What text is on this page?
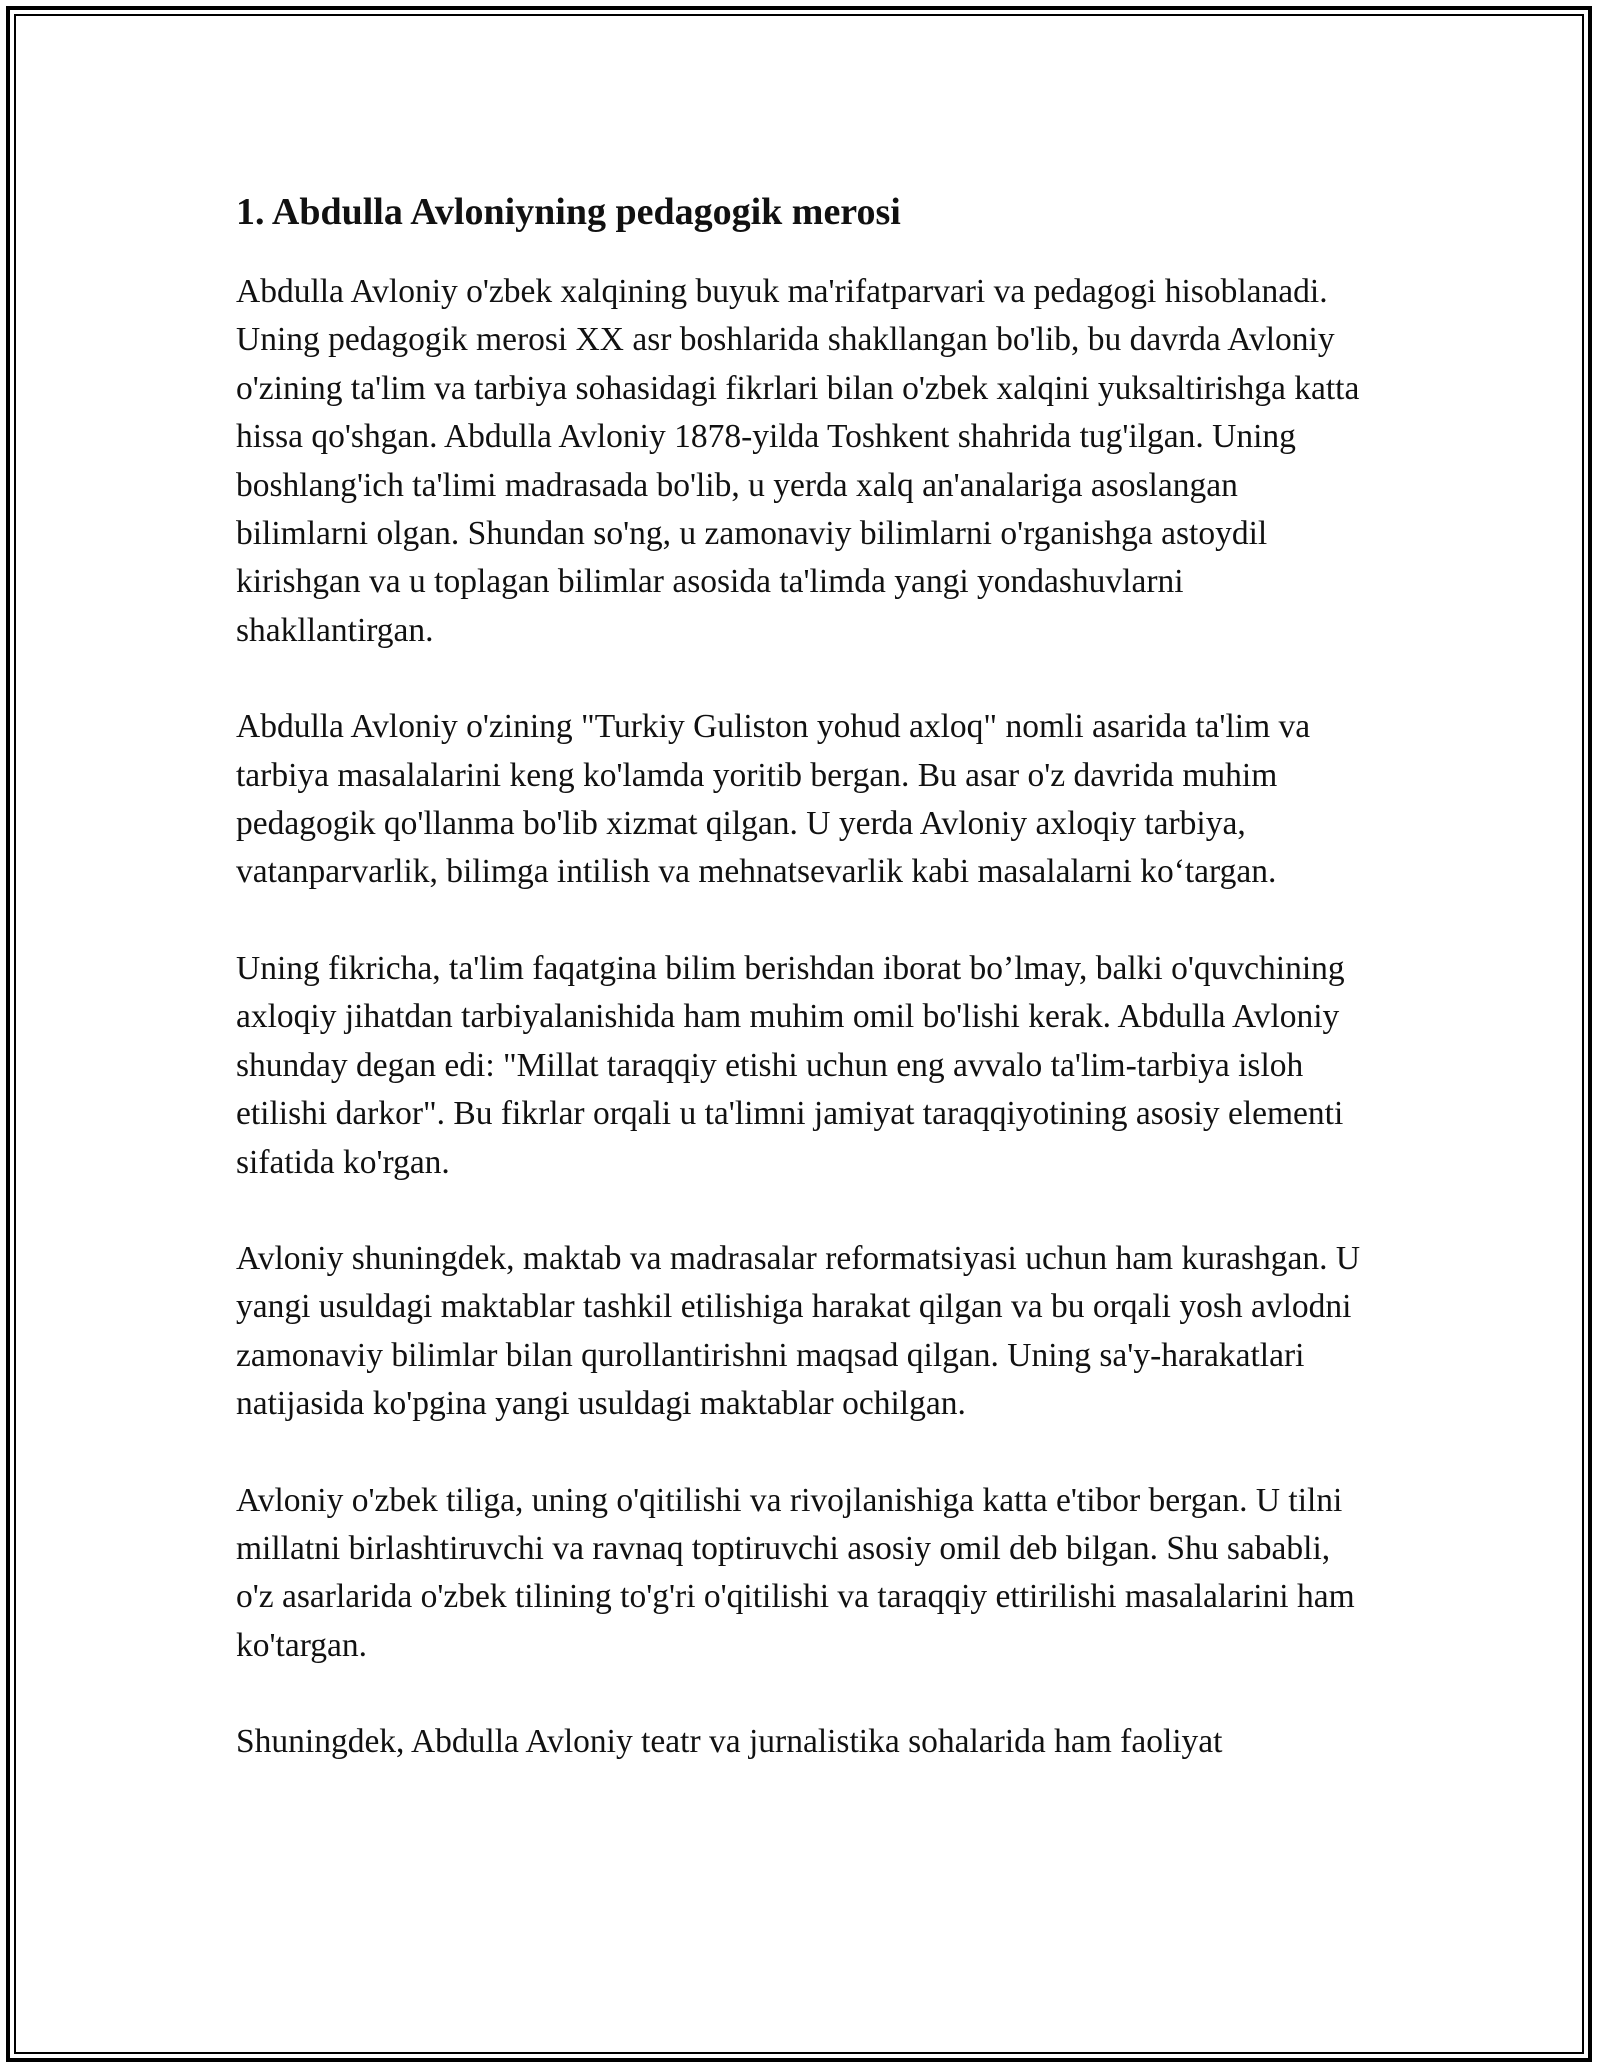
1. Abdulla Avloniyning pedagogik merosi

Abdulla Avloniy o'zbek xalqining buyuk ma'rifatparvari va pedagogi hisoblanadi. Uning pedagogik merosi XX asr boshlarida shakllangan bo'lib, bu davrda Avloniy o'zining ta'lim va tarbiya sohasidagi fikrlari bilan o'zbek xalqini yuksaltirishga katta hissa qo'shgan. Abdulla Avloniy 1878-yilda Toshkent shahrida tug'ilgan. Uning boshlang'ich ta'limi madrasada bo'lib, u yerda xalq an'analariga asoslangan bilimlarni olgan. Shundan so'ng, u zamonaviy bilimlarni o'rganishga astoydil kirishgan va u toplagan bilimlar asosida ta'limda yangi yondashuvlarni shakllantirgan.

Abdulla Avloniy o'zining "Turkiy Guliston yohud axloq" nomli asarida ta'lim va tarbiya masalalarini keng ko'lamda yoritib bergan. Bu asar o'z davrida muhim pedagogik qo'llanma bo'lib xizmat qilgan. U yerda Avloniy axloqiy tarbiya, vatanparvarlik, bilimga intilish va mehnatsevarlik kabi masalalarni ko‘targan.

Uning fikricha, ta'lim faqatgina bilim berishdan iborat bo’lmay, balki o'quvchining axloqiy jihatdan tarbiyalanishida ham muhim omil bo'lishi kerak. Abdulla Avloniy shunday degan edi: "Millat taraqqiy etishi uchun eng avvalo ta'lim-tarbiya isloh etilishi darkor". Bu fikrlar orqali u ta'limni jamiyat taraqqiyotining asosiy elementi sifatida ko'rgan.

Avloniy shuningdek, maktab va madrasalar reformatsiyasi uchun ham kurashgan. U yangi usuldagi maktablar tashkil etilishiga harakat qilgan va bu orqali yosh avlodni zamonaviy bilimlar bilan qurollantirishni maqsad qilgan. Uning sa'y-harakatlari natijasida ko'pgina yangi usuldagi maktablar ochilgan.

Avloniy o'zbek tiliga, uning o'qitilishi va rivojlanishiga katta e'tibor bergan. U tilni millatni birlashtiruvchi va ravnaq toptiruvchi asosiy omil deb bilgan. Shu sababli, o'z asarlarida o'zbek tilining to'g'ri o'qitilishi va taraqqiy ettirilishi masalalarini ham ko'targan.

Shuningdek, Abdulla Avloniy teatr va jurnalistika sohalarida ham faoliyat
